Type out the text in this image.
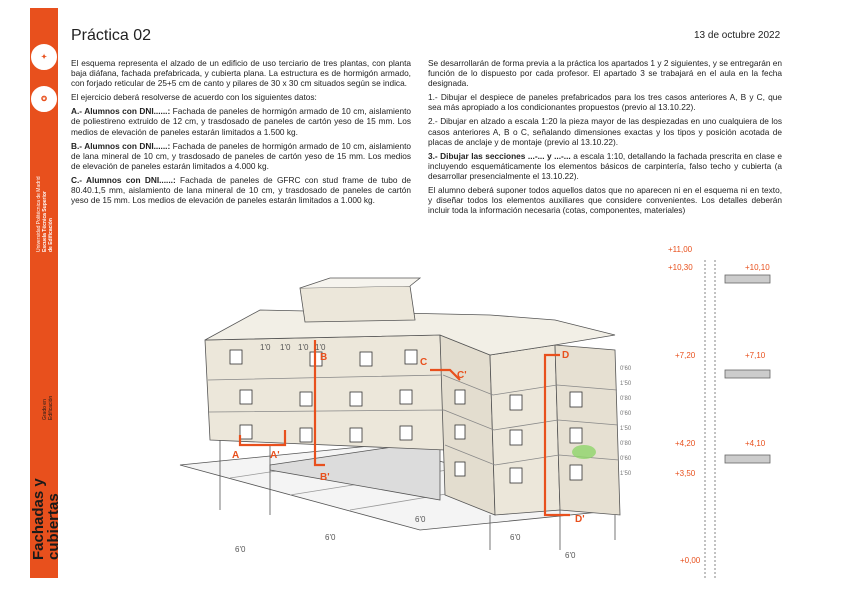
✦
✪
Universidad Politécnica de Madrid Escuela Técnica Superior de Edificación
Fachadas y cubiertas
Grado en Edificación
Práctica 02	13 de octubre 2022

El esquema representa el alzado de un edificio de uso terciario de tres plantas, con planta baja diáfana, fachada prefabricada, y cubierta plana. La estructura es de hormigón armado, con forjado reticular de 25+5 cm de canto y pilares de 30 x 30 cm situados según se indica.

El ejercicio deberá resolverse de acuerdo con los siguientes datos:

A.- Alumnos con DNI......: Fachada de paneles de hormigón armado de 10 cm, aislamiento de poliestireno extruido de 12 cm, y trasdosado de paneles de cartón yeso de 15 mm. Los medios de elevación de paneles estarán limitados a 1.500 kg.

B.- Alumnos con DNI......: Fachada de paneles de hormigón armado de 10 cm, aislamiento de lana mineral de 10 cm, y trasdosado de paneles de cartón yeso de 15 mm. Los medios de elevación de paneles estarán limitados a 4.000 kg.

C.- Alumnos con DNI......: Fachada de paneles de GFRC con stud frame de tubo de 80.40.1,5 mm, aislamiento de lana mineral de 10 cm, y trasdosado de paneles de cartón yeso de 15 mm. Los medios de elevación de paneles estarán limitados a 1.000 kg.

Se desarrollarán de forma previa a la práctica los apartados 1 y 2 siguientes, y se entregarán en función de lo dispuesto por cada profesor. El apartado 3 se trabajará en el aula en la fecha designada.

1.- Dibujar el despiece de paneles prefabricados para los tres casos anteriores A, B y C, que sea más apropiado a los condicionantes propuestos (previo al 13.10.22).

2.- Dibujar en alzado a escala 1:20 la pieza mayor de las despiezadas en uno cualquiera de los casos anteriores A, B o C, señalando dimensiones exactas y los tipos y posición acotada de placas de anclaje y de montaje (previo al 13.10.22).

3.- Dibujar las secciones ...-... y ...-... a escala 1:10, detallando la fachada prescrita en clase e incluyendo esquemáticamente los elementos básicos de carpintería, falso techo y cubierta (a desarrollar presencialmente el 13.10.22).

El alumno deberá suponer todos aquellos datos que no aparecen ni en el esquema ni en texto, y diseñar todos los elementos auxiliares que considere convenientes. Los detalles deberán incluir toda la información necesaria (cotas, componentes, materiales)

A	A'
B
B'
C
C'
D
D'
6'0
6'0
6'0
6'0
6'0
1'0 1'0 1'0 1'0
0'60
1'50
0'80
0'60
1'50
0'80
0'60
1'50
+11,00
+10,30
+7,20
+4,20
+3,50
+0,00
+10,10
+7,10
+4,10
